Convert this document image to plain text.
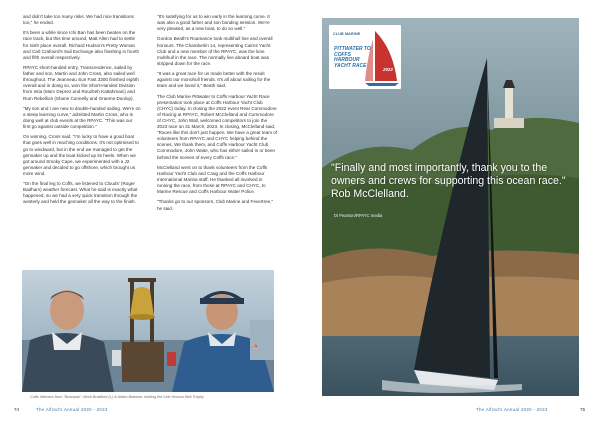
and didn't take too many risks. We had nice transitions too," he ended.

It's been a while since Ichi Ban has been beaten on the race track, but this time around, Matt Allen had to settle for sixth place overall. Richard Hudson's Pretty Woman and Carl Crafoord's Sail Exchange also finishing in fourth and fifth overall respectively.

RPAYC short-handed entry, Transcendence, sailed by father and son, Martin and John Cross, also sailed well throughout. The Jeanneau Sun Fast 3300 finished eighth overall and in doing so, won the Short-Handed Division from Intia (Marc Deprez and Rouzbeh Kattahmani) and Rum Rebellion (Shane Connelly and Graeme Dunlop).

"My son and I are new to double-handed sailing. We're on a steep learning curve," admitted Martin Cross, who is doing well at club events at the RPAYC. "This was our first go against outside competition."

On winning, Cross said, "I'm lucky to have a good boat that goes well in reaching conditions. It's not optimised to go to windward, but in the end we managed to get the gennaker up and the boat kicked up its heels. When we got around Smoky Cape, we experimented with a J2 gennaker and decided to go offshore, which brought us more wind.

"On the final leg to Coffs, we listened to Clouds' (Roger Badham) weather forecast. What he said is exactly what happened, so we had a very quick transition through the westerly and held the gennaker all the way to the finish.

"It's satisfying for us to win early in the learning curve. It was also a good father and son bonding session. We're very pleased, as a new boat, to do so well."

Gordon Beath's Roamance took multihull line and overall honours. The Chamberlin 14, representing Cairns Yacht Club and a new member of the RPAYC, was the lone multihull in the race. The normally live aboard boat was stripped down for the race.

"It was a great race for us made better with the result against our monohull friends. It's all about sailing for the team and we loved it," Beath said.

The Club Marine Pittwater to Coffs Harbour Yacht Race presentation took place at Coffs Harbour Yacht Club (CHYC) today. In closing the 2022 event Rear Commodore of Racing at RPAYC, Robert McClelland and Commodore of CHYC, John Wall, welcomed competitors to join the 2023 race on 31 March, 2023. In closing, McClelland said, "Races like this don't just happen. We have a great team of volunteers from RPAYC and CHYC helping behind the scenes. We thank them, and Coffs Harbour Yacht Club Commodore, John Waite, who has either sailed in or been behind the scenes of every Coffs race."

McClelland went on to thank volunteers from the Coffs Harbour Yacht Club and Craig and the Coffs Harbour International Marina staff. He thanked all involved in running the race, from those at RPAYC and CHYC, to Marine Rescue and Coffs Harbour Water Police.

"Thanks go to our sponsors, Club Marine and Fevertree," he said.

⛵
Coffs Winners from "Boanpak", Mark Bradford (L) & Adam Beasher holding the Line Honour Bell Trophy
74	The Alfred's Annual 2020 - 2023
CLUB MARINE
PITTWATER TO COFFS HARBOUR YACHT RACE
2022
"Finally and most importantly, thank you to the owners and crews for supporting this ocean race." Rob McClelland.
Di Pearson/RPAYC media
The Alfred's Annual 2020 - 2023	75
